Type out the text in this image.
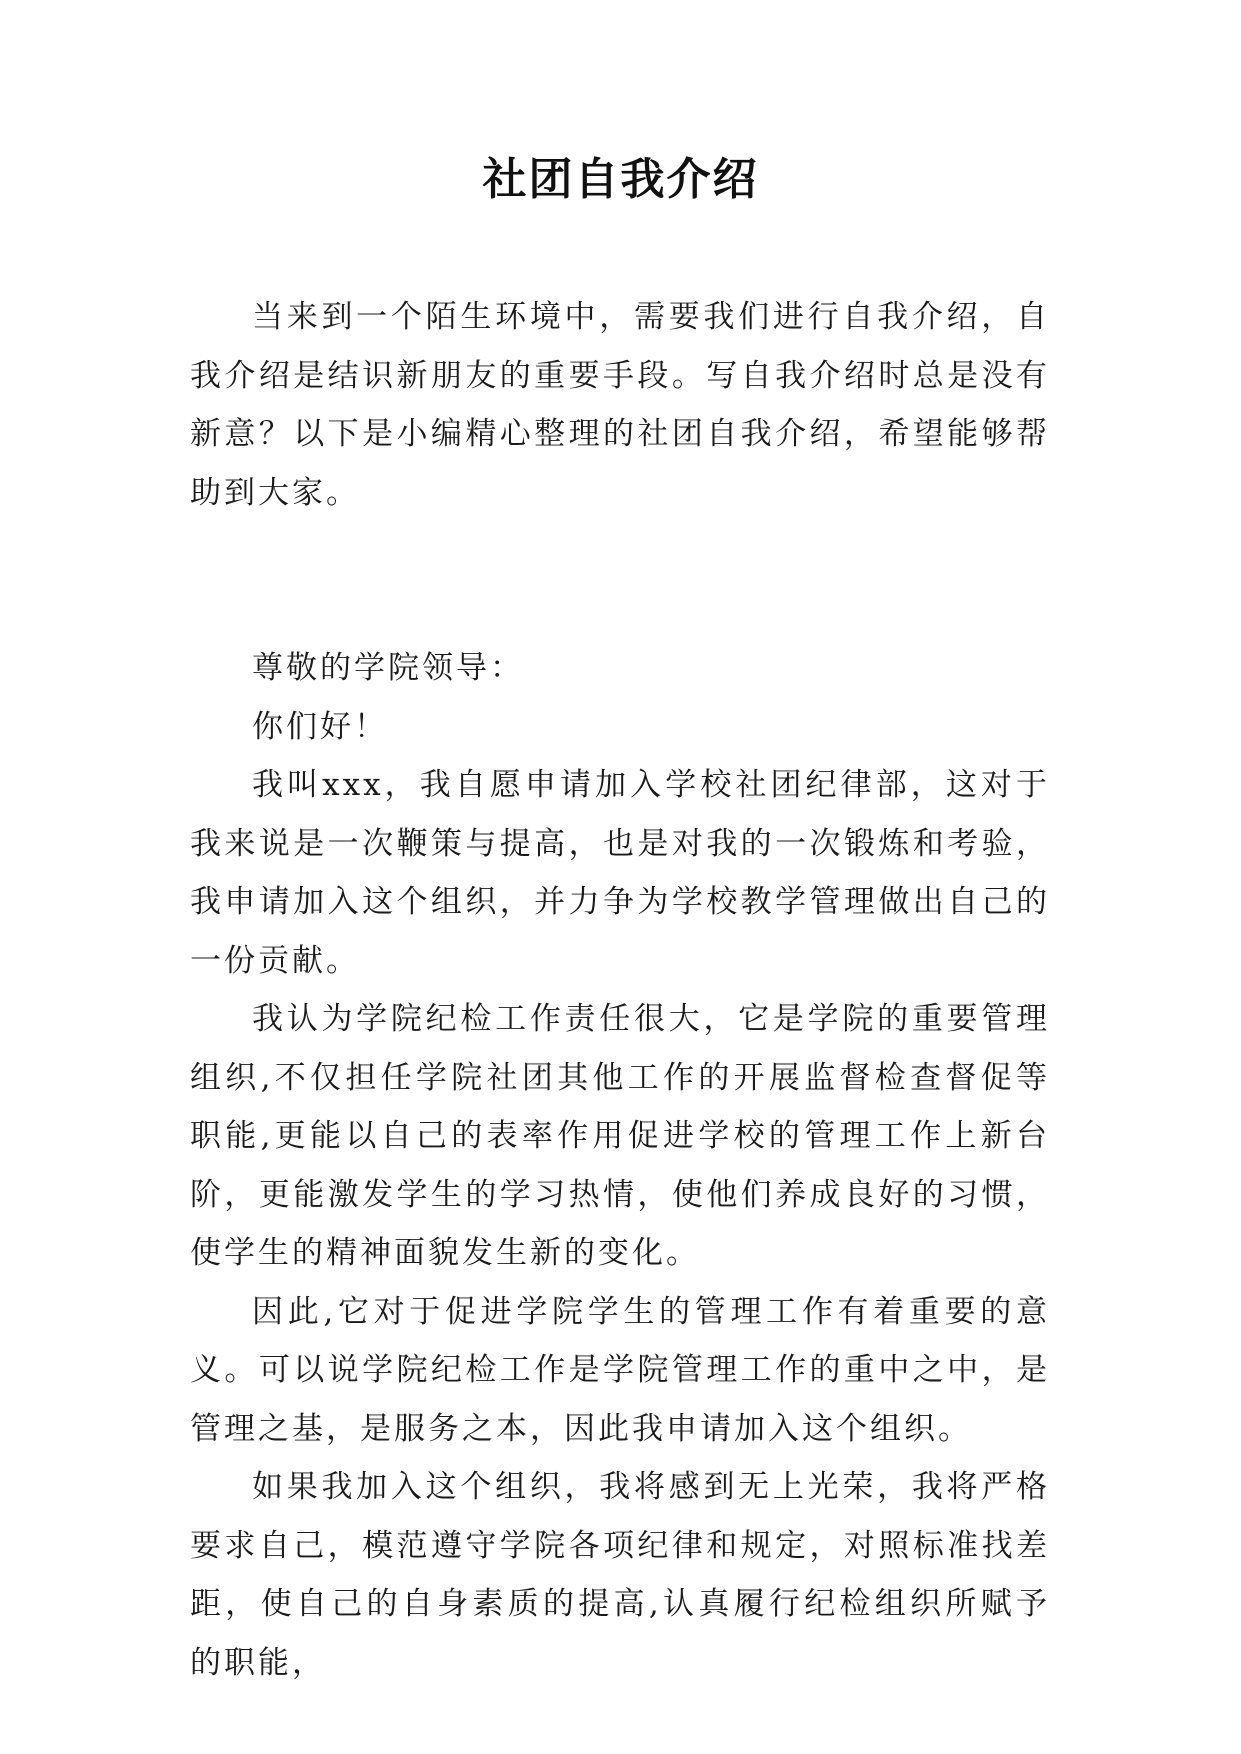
社团自我介绍

当来到一个陌生环境中，需要我们进行自我介绍，自我介绍是结识新朋友的重要手段。写自我介绍时总是没有新意？以下是小编精心整理的社团自我介绍，希望能够帮助到大家。

尊敬的学院领导：

你们好！

我叫xxx，我自愿申请加入学校社团纪律部，这对于我来说是一次鞭策与提高，也是对我的一次锻炼和考验，我申请加入这个组织，并力争为学校教学管理做出自己的一份贡献。

我认为学院纪检工作责任很大，它是学院的重要管理组织,不仅担任学院社团其他工作的开展监督检查督促等职能,更能以自己的表率作用促进学校的管理工作上新台阶，更能激发学生的学习热情，使他们养成良好的习惯，使学生的精神面貌发生新的变化。

因此,它对于促进学院学生的管理工作有着重要的意义。可以说学院纪检工作是学院管理工作的重中之中，是管理之基，是服务之本，因此我申请加入这个组织。

如果我加入这个组织，我将感到无上光荣，我将严格要求自己，模范遵守学院各项纪律和规定，对照标准找差距，使自己的自身素质的提高,认真履行纪检组织所赋予的职能，
